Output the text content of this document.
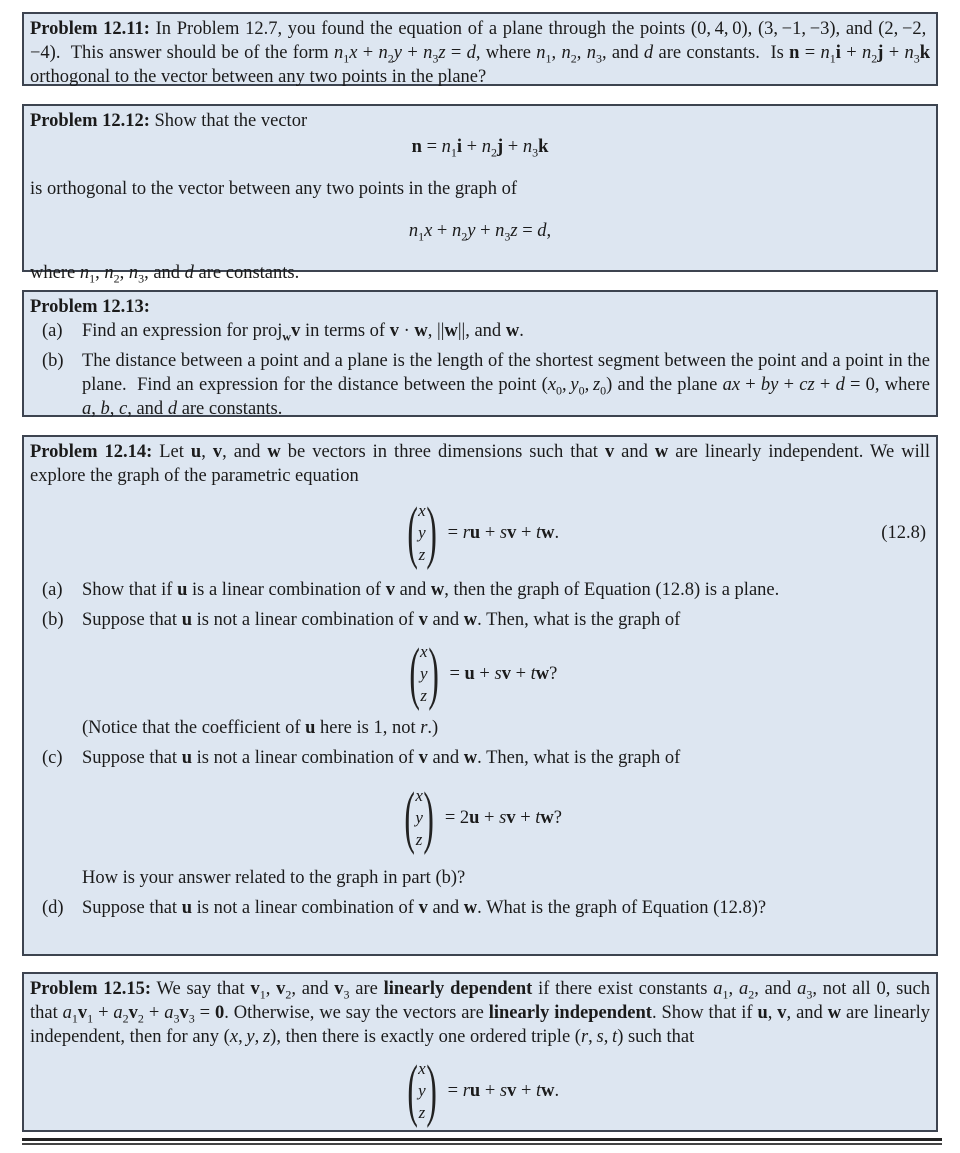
Problem 12.11: In Problem 12.7, you found the equation of a plane through the points (0, 4, 0), (3, −1, −3), and (2, −2, −4).  This answer should be of the form $n_1x + n_2y + n_3z = d$, where $n_1$, $n_2$, $n_3$, and d are constants.  Is $n = n_1i + n_2j + n_3k$ orthogonal to the vector between any two points in the plane?
Problem 12.12: Show that the vector
$n = n_1i + n_2j + n_3k$
is orthogonal to the vector between any two points in the graph of
$n_1x + n_2y + n_3z = d$,
where $n_1$, $n_2$, $n_3$, and d are constants.
Problem 12.13:
(a) Find an expression for proj$_w$v in terms of v · w, ||w||, and w.
(b) The distance between a point and a plane is the length of the shortest segment between the point and a point in the plane.  Find an expression for the distance between the point ($x_0$, $y_0$, $z_0$) and the plane ax + by + cz + d = 0, where a, b, c, and d are constants.
Problem 12.14: Let u, v, and w be vectors in three dimensions such that v and w are linearly independent. We will explore the graph of the parametric equation
( x
y
z ) = ru + sv + tw.	(12.8)
(a) Show that if u is a linear combination of v and w, then the graph of Equation (12.8) is a plane.
(b) Suppose that u is not a linear combination of v and w. Then, what is the graph of
( x
y
z ) = u + sv + tw?
(Notice that the coefficient of u here is 1, not r.)
(c) Suppose that u is not a linear combination of v and w. Then, what is the graph of
( x
y
z ) = 2u + sv + tw?
How is your answer related to the graph in part (b)?
(d) Suppose that u is not a linear combination of v and w. What is the graph of Equation (12.8)?
Problem 12.15: We say that $v_1$, $v_2$, and $v_3$ are linearly dependent if there exist constants $a_1$, $a_2$, and $a_3$, not all 0, such that $a_1v_1 + a_2v_2 + a_3v_3 = 0$. Otherwise, we say the vectors are linearly independent. Show that if u, v, and w are linearly independent, then for any (x, y, z), then there is exactly one ordered triple (r, s, t) such that
( x
y
z ) = ru + sv + tw.
